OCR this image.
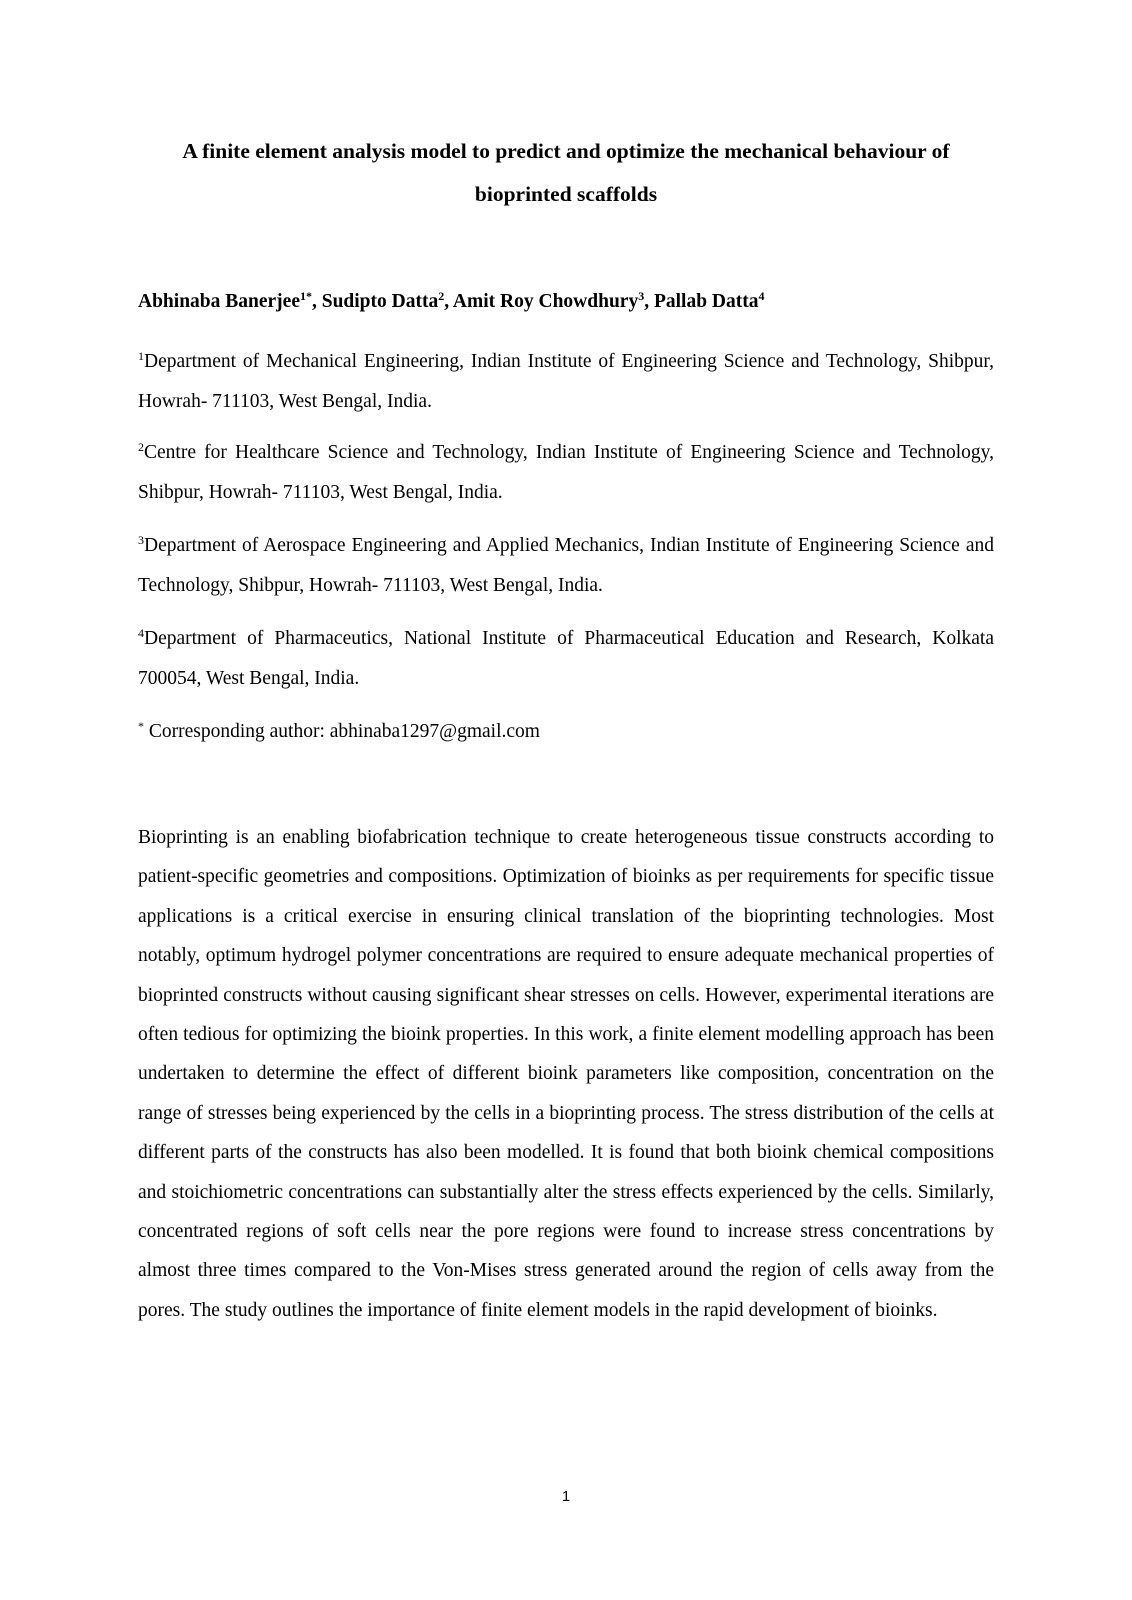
A finite element analysis model to predict and optimize the mechanical behaviour of bioprinted scaffolds

Abhinaba Banerjee$^{1*}$, Sudipto Datta$^2$, Amit Roy Chowdhury$^3$, Pallab Datta$^4$

$^1$Department of Mechanical Engineering, Indian Institute of Engineering Science and Technology, Shibpur, Howrah- 711103, West Bengal, India.

$^2$Centre for Healthcare Science and Technology, Indian Institute of Engineering Science and Technology, Shibpur, Howrah- 711103, West Bengal, India.

$^3$Department of Aerospace Engineering and Applied Mechanics, Indian Institute of Engineering Science and Technology, Shibpur, Howrah- 711103, West Bengal, India.

$^4$Department of Pharmaceutics, National Institute of Pharmaceutical Education and Research, Kolkata 700054, West Bengal, India.

* Corresponding author: abhinaba1297@gmail.com

Bioprinting is an enabling biofabrication technique to create heterogeneous tissue constructs according to patient-specific geometries and compositions. Optimization of bioinks as per requirements for specific tissue applications is a critical exercise in ensuring clinical translation of the bioprinting technologies. Most notably, optimum hydrogel polymer concentrations are required to ensure adequate mechanical properties of bioprinted constructs without causing significant shear stresses on cells. However, experimental iterations are often tedious for optimizing the bioink properties. In this work, a finite element modelling approach has been undertaken to determine the effect of different bioink parameters like composition, concentration on the range of stresses being experienced by the cells in a bioprinting process. The stress distribution of the cells at different parts of the constructs has also been modelled. It is found that both bioink chemical compositions and stoichiometric concentrations can substantially alter the stress effects experienced by the cells. Similarly, concentrated regions of soft cells near the pore regions were found to increase stress concentrations by almost three times compared to the Von-Mises stress generated around the region of cells away from the pores. The study outlines the importance of finite element models in the rapid development of bioinks.

1
